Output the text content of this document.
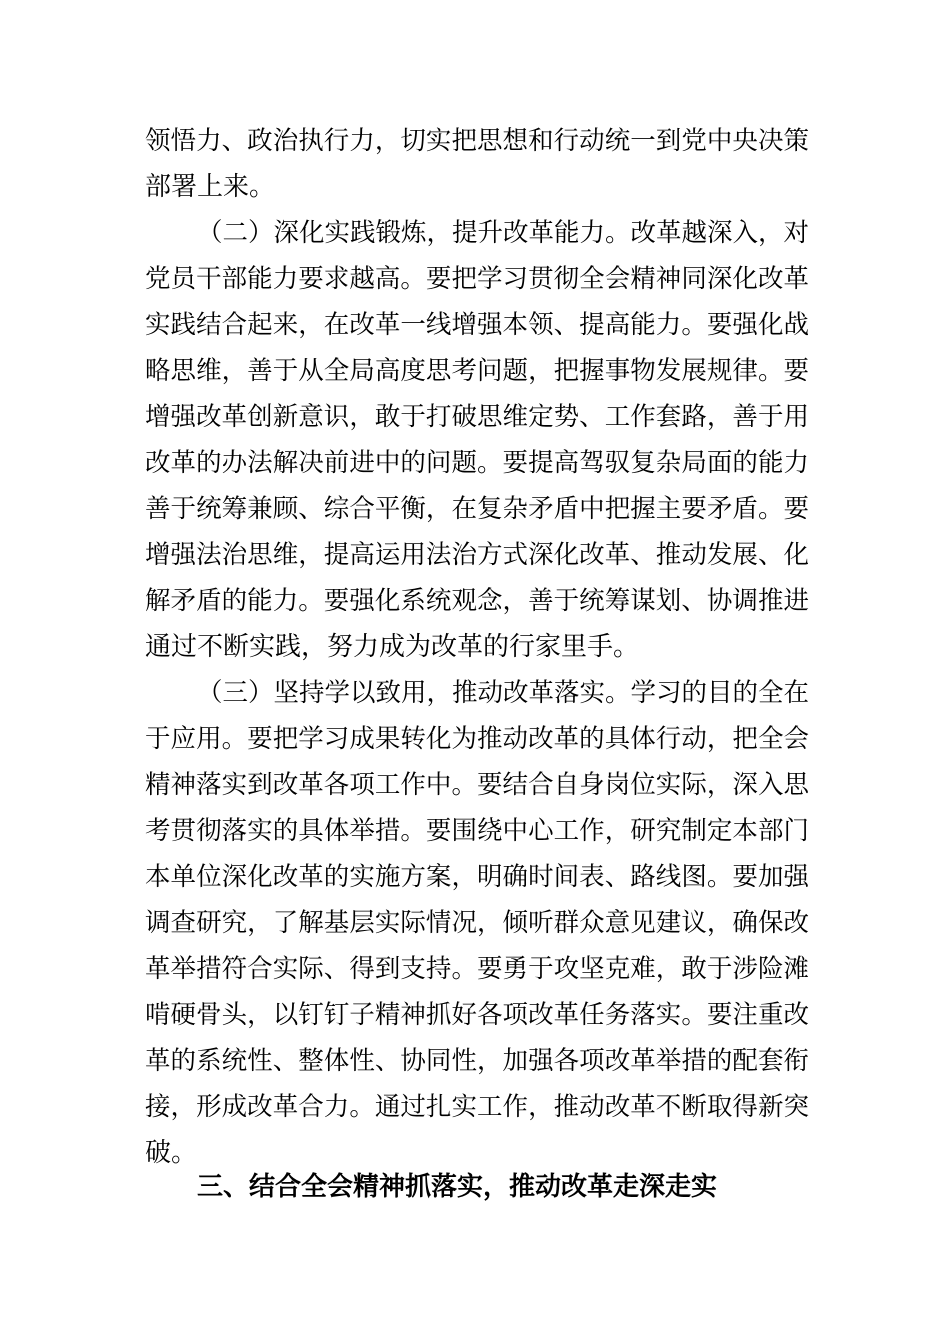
领悟力、政治执行力，切实把思想和行动统一到党中央决策
部署上来。
（二）深化实践锻炼，提升改革能力。改革越深入，对
党员干部能力要求越高。要把学习贯彻全会精神同深化改革
实践结合起来，在改革一线增强本领、提高能力。要强化战
略思维，善于从全局高度思考问题，把握事物发展规律。要
增强改革创新意识，敢于打破思维定势、工作套路，善于用
改革的办法解决前进中的问题。要提高驾驭复杂局面的能力
善于统筹兼顾、综合平衡，在复杂矛盾中把握主要矛盾。要
增强法治思维，提高运用法治方式深化改革、推动发展、化
解矛盾的能力。要强化系统观念，善于统筹谋划、协调推进
通过不断实践，努力成为改革的行家里手。
（三）坚持学以致用，推动改革落实。学习的目的全在
于应用。要把学习成果转化为推动改革的具体行动，把全会
精神落实到改革各项工作中。要结合自身岗位实际，深入思
考贯彻落实的具体举措。要围绕中心工作，研究制定本部门
本单位深化改革的实施方案，明确时间表、路线图。要加强
调查研究，了解基层实际情况，倾听群众意见建议，确保改
革举措符合实际、得到支持。要勇于攻坚克难，敢于涉险滩
啃硬骨头，以钉钉子精神抓好各项改革任务落实。要注重改
革的系统性、整体性、协同性，加强各项改革举措的配套衔
接，形成改革合力。通过扎实工作，推动改革不断取得新突
破。
三、结合全会精神抓落实，推动改革走深走实
